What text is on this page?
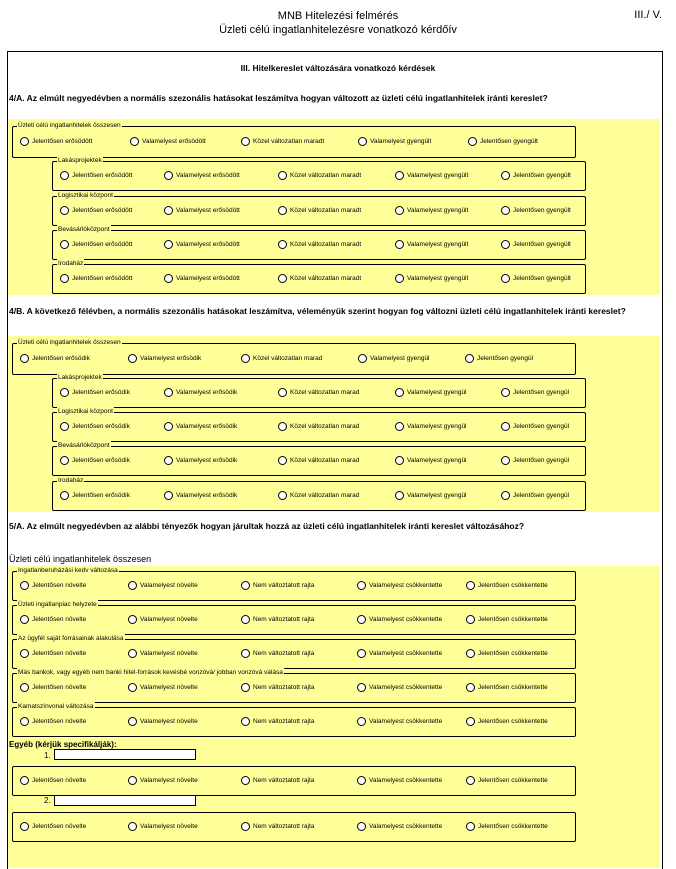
MNB Hitelezési felmérés
Üzleti célú ingatlanhitelezésre vonatkozó kérdőív
III./ V.
III. Hitelkereslet változására vonatkozó kérdések
4/A. Az elmúlt negyedévben a normális szezonális hatásokat leszámítva hogyan változott az üzleti célú ingatlanhitelek iránti kereslet?
4/B. A következő félévben, a normális szezonális hatásokat leszámítva, véleményük szerint hogyan fog változni üzleti célú ingatlanhitelek iránti kereslet?
5/A. Az elmúlt negyedévben az alábbi tényezők hogyan járultak hozzá az üzleti célú ingatlanhitelek iránti kereslet változásához?
Üzleti célú ingatlanhitelek összesen
Üzleti célú ingatlanhitelek összesen
Jelentősen erősödött	Valamelyest erősödött	Közel változatlan maradt	Valamelyest gyengült	Jelentősen gyengült
Lakásprojektek
Jelentősen erősödött	Valamelyest erősödött	Közel változatlan maradt	Valamelyest gyengült	Jelentősen gyengült
Logisztikai központ
Jelentősen erősödött	Valamelyest erősödött	Közel változatlan maradt	Valamelyest gyengült	Jelentősen gyengült
Bevásárlóközpont
Jelentősen erősödött	Valamelyest erősödött	Közel változatlan maradt	Valamelyest gyengült	Jelentősen gyengült
Irodaház
Jelentősen erősödött	Valamelyest erősödött	Közel változatlan maradt	Valamelyest gyengült	Jelentősen gyengült
Üzleti célú ingatlanhitelek összesen
Jelentősen erősödik	Valamelyest erősödik	Közel változatlan marad	Valamelyest gyengül	Jelentősen gyengül
Lakásprojektek
Jelentősen erősödik	Valamelyest erősödik	Közel változatlan marad	Valamelyest gyengül	Jelentősen gyengül
Logisztikai központ
Jelentősen erősödik	Valamelyest erősödik	Közel változatlan marad	Valamelyest gyengül	Jelentősen gyengül
Bevásárlóközpont
Jelentősen erősödik	Valamelyest erősödik	Közel változatlan marad	Valamelyest gyengül	Jelentősen gyengül
Irodaház
Jelentősen erősödik	Valamelyest erősödik	Közel változatlan marad	Valamelyest gyengül	Jelentősen gyengül
Ingatlanberuházási kedv változása
Jelentősen növelte	Valamelyest növelte	Nem változtatott rajta	Valamelyest csökkentette	Jelentősen csökkentette
Üzleti ingatlanpiac helyzete
Jelentősen növelte	Valamelyest növelte	Nem változtatott rajta	Valamelyest csökkentette	Jelentősen csökkentette
Az ügyfél saját forrásainak alakulása
Jelentősen növelte	Valamelyest növelte	Nem változtatott rajta	Valamelyest csökkentette	Jelentősen csökkentette
Más bankok, vagy egyéb nem banki hitel-források kevésbé vonzóvá/ jobban vonzóvá válása
Jelentősen növelte	Valamelyest növelte	Nem változtatott rajta	Valamelyest csökkentette	Jelentősen csökkentette
Kamatszínvonal változása
Jelentősen növelte	Valamelyest növelte	Nem változtatott rajta	Valamelyest csökkentette	Jelentősen csökkentette
Jelentősen növelte	Valamelyest növelte	Nem változtatott rajta	Valamelyest csökkentette	Jelentősen csökkentette
Jelentősen növelte	Valamelyest növelte	Nem változtatott rajta	Valamelyest csökkentette	Jelentősen csökkentette
Egyéb (kérjük specifikálják):
1.
2.
